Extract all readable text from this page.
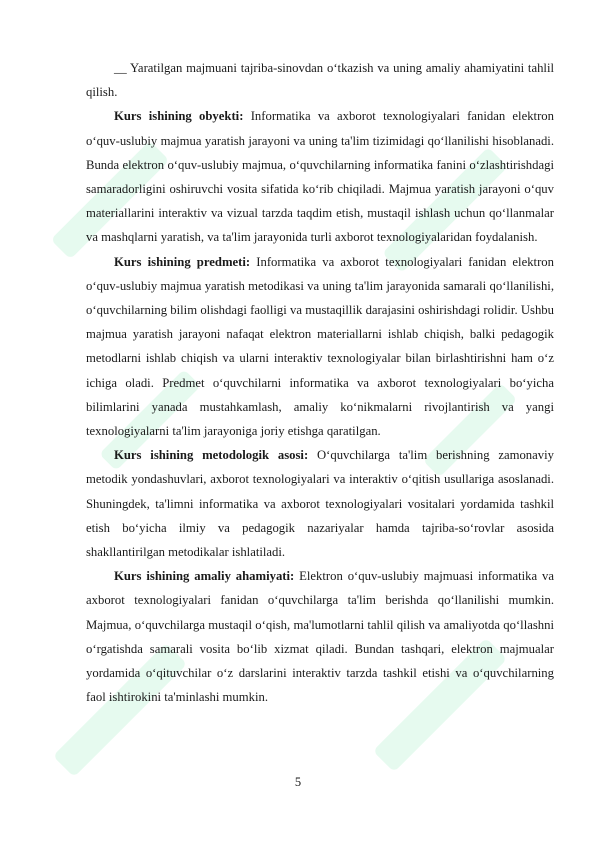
__ Yaratilgan majmuani tajriba-sinovdan o‘tkazish va uning amaliy ahamiyatini tahlil qilish.

Kurs ishining obyekti: Informatika va axborot texnologiyalari fanidan elektron o‘quv-uslubiy majmua yaratish jarayoni va uning ta'lim tizimidagi qo‘llanilishi hisoblanadi. Bunda elektron o‘quv-uslubiy majmua, o‘quvchilarning informatika fanini o‘zlashtirishdagi samaradorligini oshiruvchi vosita sifatida ko‘rib chiqiladi. Majmua yaratish jarayoni o‘quv materiallarini interaktiv va vizual tarzda taqdim etish, mustaqil ishlash uchun qo‘llanmalar va mashqlarni yaratish, va ta'lim jarayonida turli axborot texnologiyalaridan foydalanish.

Kurs ishining predmeti: Informatika va axborot texnologiyalari fanidan elektron o‘quv-uslubiy majmua yaratish metodikasi va uning ta'lim jarayonida samarali qo‘llanilishi, o‘quvchilarning bilim olishdagi faolligi va mustaqillik darajasini oshirishdagi rolidir. Ushbu majmua yaratish jarayoni nafaqat elektron materiallarni ishlab chiqish, balki pedagogik metodlarni ishlab chiqish va ularni interaktiv texnologiyalar bilan birlashtirishni ham o‘z ichiga oladi. Predmet o‘quvchilarni informatika va axborot texnologiyalari bo‘yicha bilimlarini yanada mustahkamlash, amaliy ko‘nikmalarni rivojlantirish va yangi texnologiyalarni ta'lim jarayoniga joriy etishga qaratilgan.

Kurs ishining metodologik asosi: O‘quvchilarga ta'lim berishning zamonaviy metodik yondashuvlari, axborot texnologiyalari va interaktiv o‘qitish usullariga asoslanadi. Shuningdek, ta'limni informatika va axborot texnologiyalari vositalari yordamida tashkil etish bo‘yicha ilmiy va pedagogik nazariyalar hamda tajriba-so‘rovlar asosida shakllantirilgan metodikalar ishlatiladi.

Kurs ishining amaliy ahamiyati: Elektron o‘quv-uslubiy majmuasi informatika va axborot texnologiyalari fanidan o‘quvchilarga ta'lim berishda qo‘llanilishi mumkin. Majmua, o‘quvchilarga mustaqil o‘qish, ma'lumotlarni tahlil qilish va amaliyotda qo‘llashni o‘rgatishda samarali vosita bo‘lib xizmat qiladi. Bundan tashqari, elektron majmualar yordamida o‘qituvchilar o‘z darslarini interaktiv tarzda tashkil etishi va o‘quvchilarning faol ishtirokini ta'minlashi mumkin.

5
